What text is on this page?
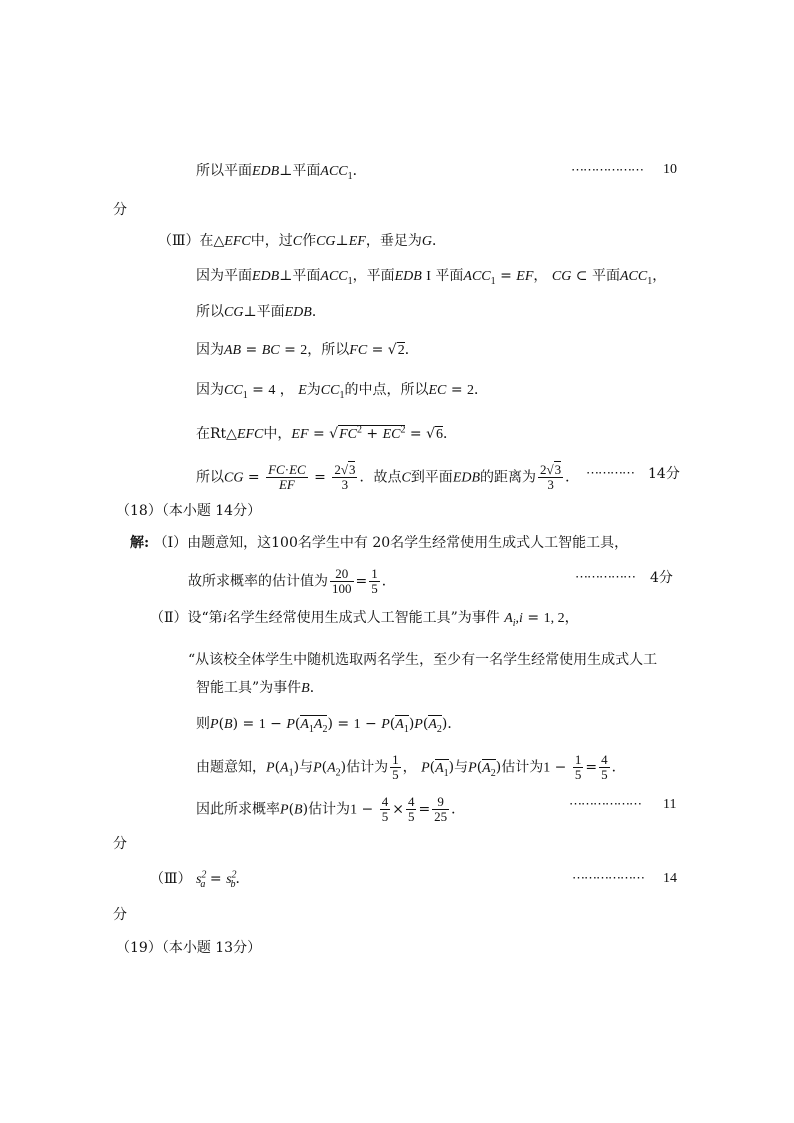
所以平面EDB⊥平面$ACC_1$．	⋯⋯⋯⋯⋯⋯ 10
分
（Ⅲ）在△EFC中，过C作CG⊥EF，垂足为G．
因为平面EDB⊥平面$ACC_1$，平面EDB I 平面$ACC_1$ = EF， CG ⊂ 平面$ACC_1$，
所以CG⊥平面EDB．
因为AB = BC = 2，所以FC = √2．
因为$CC_1 = 4$ ， E为$CC_1$的中点，所以EC = 2．
在Rt△EFC中，EF = $√FC^2 + EC^2 = √6$．
所以CG = $\frac{FC\cdot EC}{EF} = \frac{2√3}{3}$ ．故点C到平面EDB的距离为 $\frac{2√3}{3}$ ． ⋯⋯⋯⋯ 14分
（18）（本小题 14分）
解: （Ⅰ）由题意知，这100名学生中有 20名学生经常使用生成式人工智能工具，
故所求概率的估计值为 $\frac{20}{100} = \frac{1}{5}$ ．	⋯⋯⋯⋯⋯ 4分
（Ⅱ）设“第i名学生经常使用生成式人工智能工具”为事件 $A_i,i = 1$, 2，
“从该校全体学生中随机选取两名学生，至少有一名学生经常使用生成式人工
智能工具”为事件B．
则$P(B) = 1 - P(A_1A_2) = 1 - P(A_1)P(A_2)$．
由题意知，$P(A_1)$与$P(A_2)$估计为 $\frac{1}{5}$ ， $P(A_1)$与$P(A_2)$估计为$1 - \frac{1}{5} = \frac{4}{5}$ ．
因此所求概率P(B)估计为$1 - \frac{4}{5} \times \frac{4}{5} = \frac{9}{25}$ ．	⋯⋯⋯⋯⋯⋯ 11
分
（Ⅲ） $s^2_a = s^2_b$．	⋯⋯⋯⋯⋯⋯ 14
分
（19）（本小题 13分）
